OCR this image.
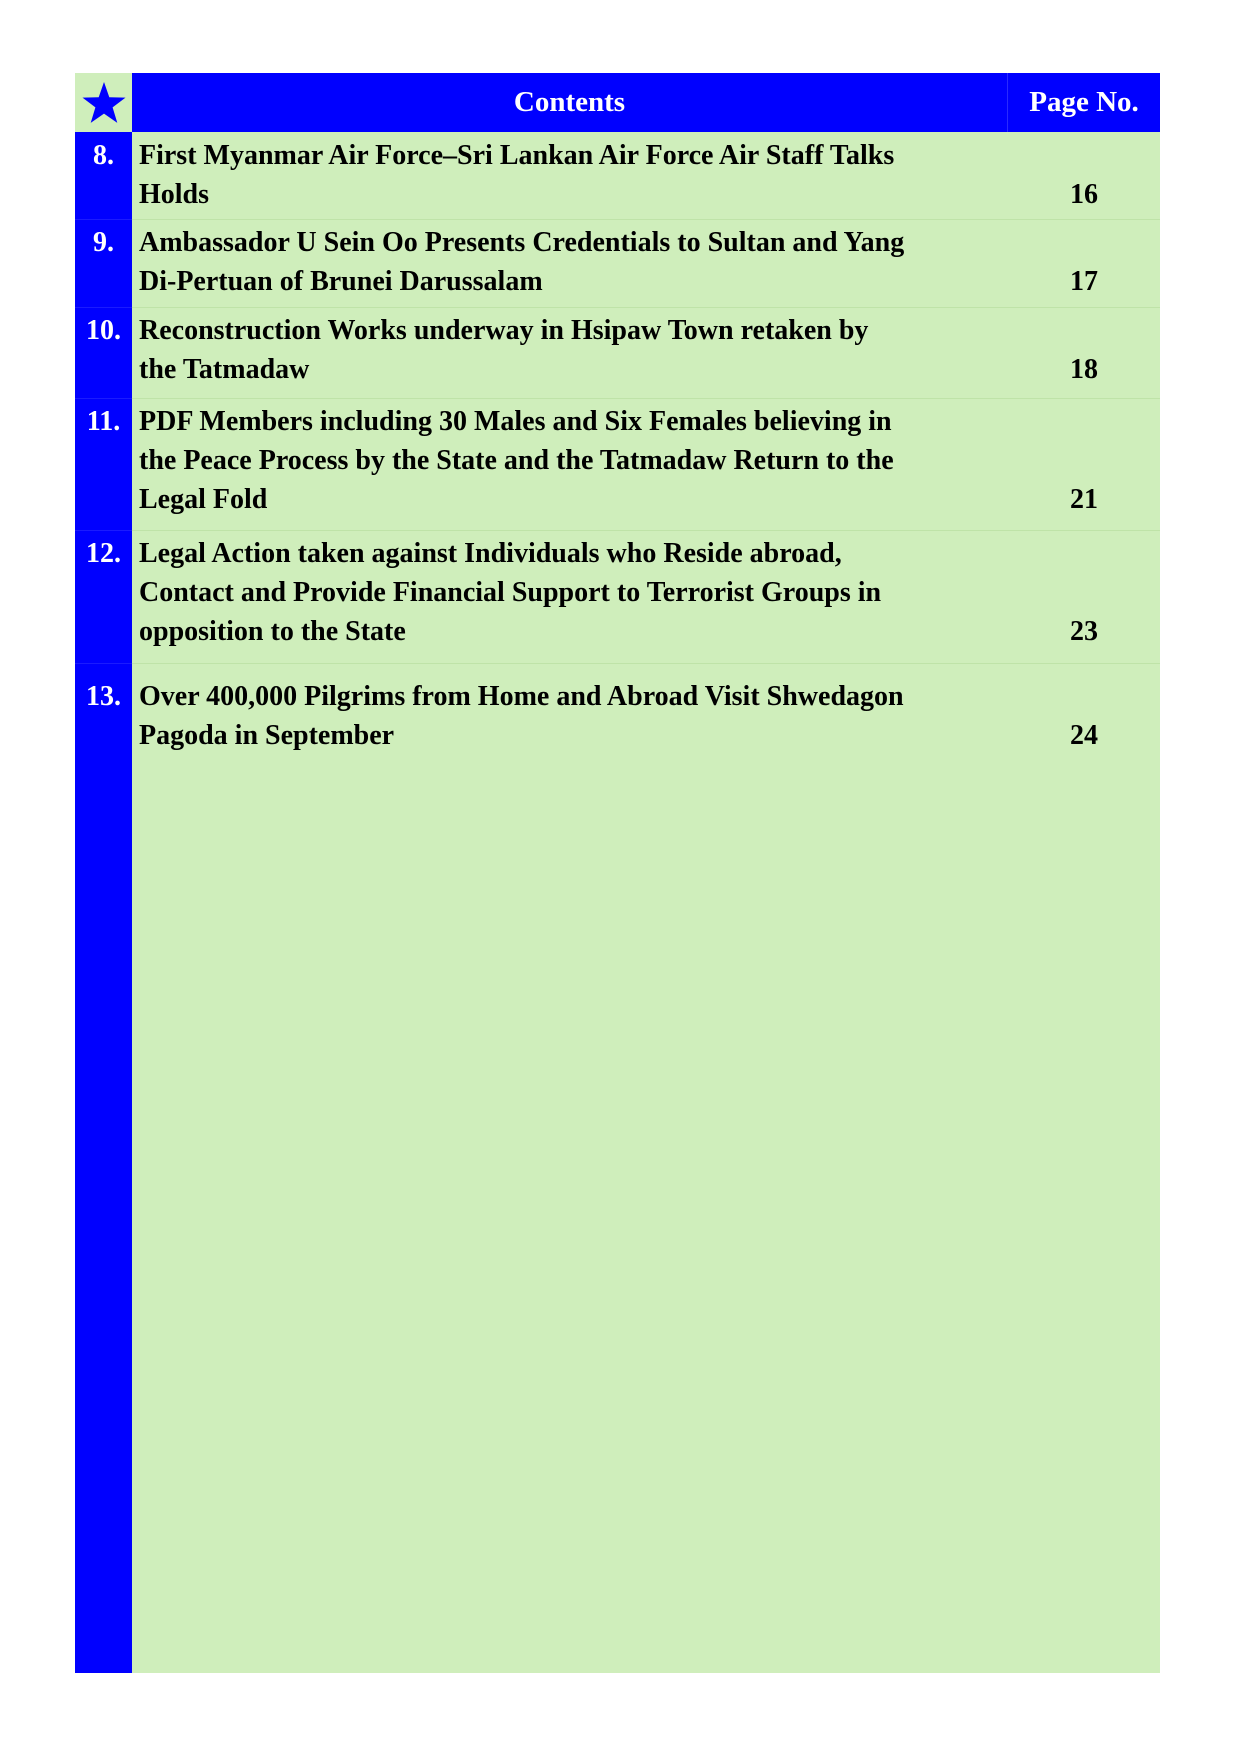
Contents	Page No.
8. First Myanmar Air Force–Sri Lankan Air Force Air Staff Talks
Holds	16
9. Ambassador U Sein Oo Presents Credentials to Sultan and Yang
Di-Pertuan of Brunei Darussalam	17
10. Reconstruction Works underway in Hsipaw Town retaken by
the Tatmadaw	18
11. PDF Members including 30 Males and Six Females believing in
the Peace Process by the State and the Tatmadaw Return to the
Legal Fold	21
12. Legal Action taken against Individuals who Reside abroad,
Contact and Provide Financial Support to Terrorist Groups in
opposition to the State	23
13. Over 400,000 Pilgrims from Home and Abroad Visit Shwedagon
Pagoda in September	24
